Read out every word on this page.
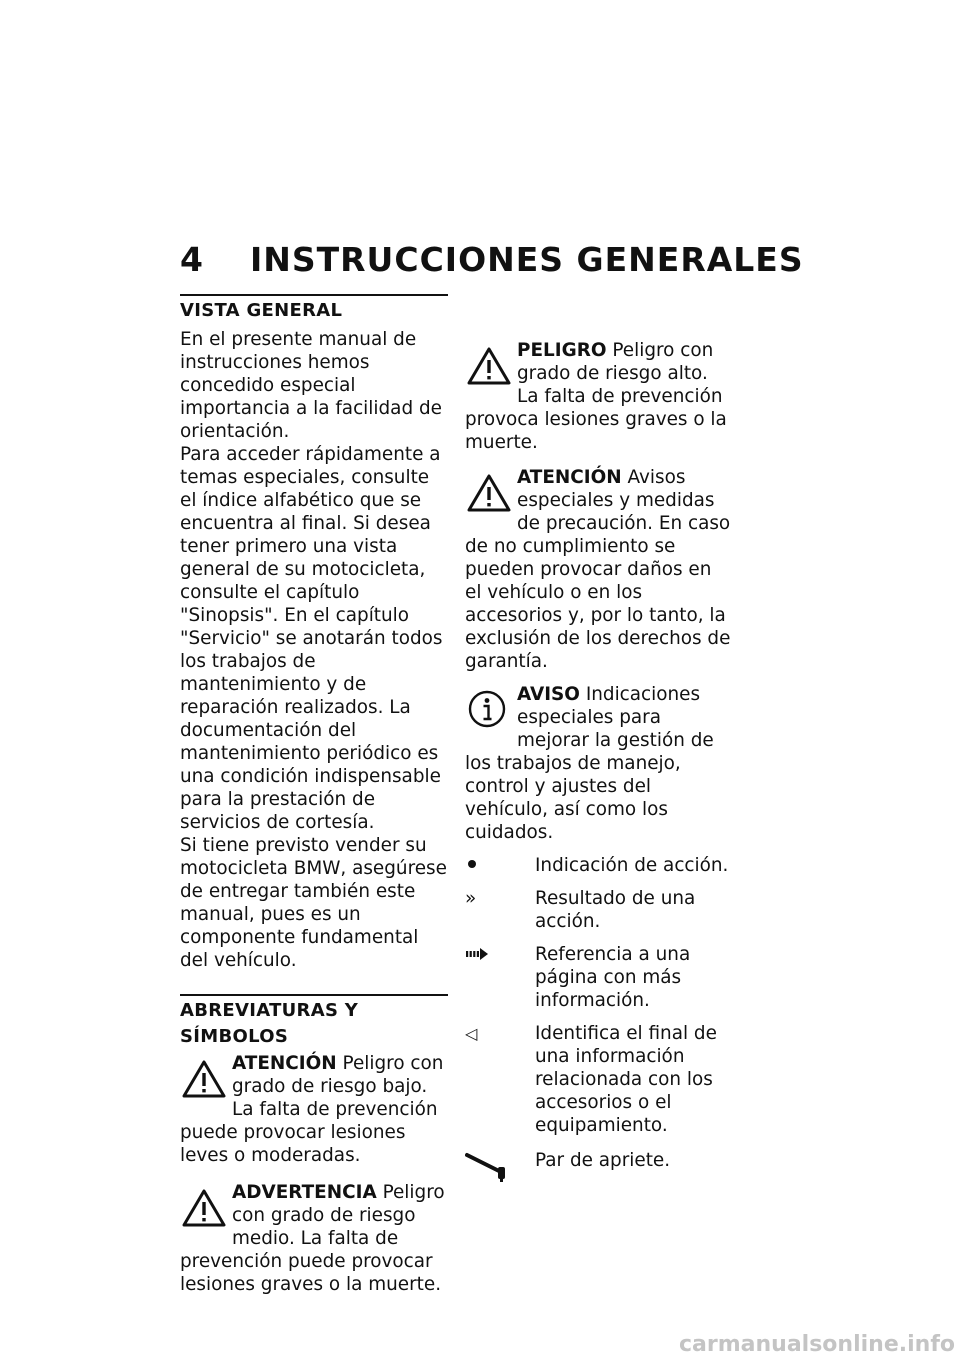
4 INSTRUCCIONES GENERALES
VISTA GENERAL

En el presente manual de instrucciones hemos concedido especial importancia a la facilidad de orientación.

Para acceder rápidamente a temas especiales, consulte el índice alfabético que se encuentra al final. Si desea tener primero una vista general de su motocicleta, consulte el capítulo "Sinopsis". En el capítulo "Servicio" se anotarán todos los trabajos de mantenimiento y de reparación realizados. La documentación del mantenimiento periódico es una condición indispensable para la prestación de servicios de cortesía.

Si tiene previsto vender su motocicleta BMW, asegúrese de entregar también este manual, pues es un componente fundamental del vehículo.

ABREVIATURAS Y SÍMBOLOS
ATENCIÓN Peligro con grado de riesgo bajo. La falta de prevención puede provocar lesiones leves o moderadas.
ADVERTENCIA Peligro con grado de riesgo medio. La falta de prevención puede provocar lesiones graves o la muerte.
PELIGRO Peligro con grado de riesgo alto. La falta de prevención provoca lesiones graves o la muerte.
ATENCIÓN Avisos especiales y medidas de precaución. En caso de no cumplimiento se pueden provocar daños en el vehículo o en los accesorios y, por lo tanto, la exclusión de los derechos de garantía.
AVISO Indicaciones especiales para mejorar la gestión de los trabajos de manejo, control y ajustes del vehículo, así como los cuidados.
Indicación de acción.
»	Resultado de una acción.
Referencia a una página con más información.
◁	Identifica el final de una información relacionada con los accesorios o el equipamiento.
Par de apriete.
carmanualsonline.info
